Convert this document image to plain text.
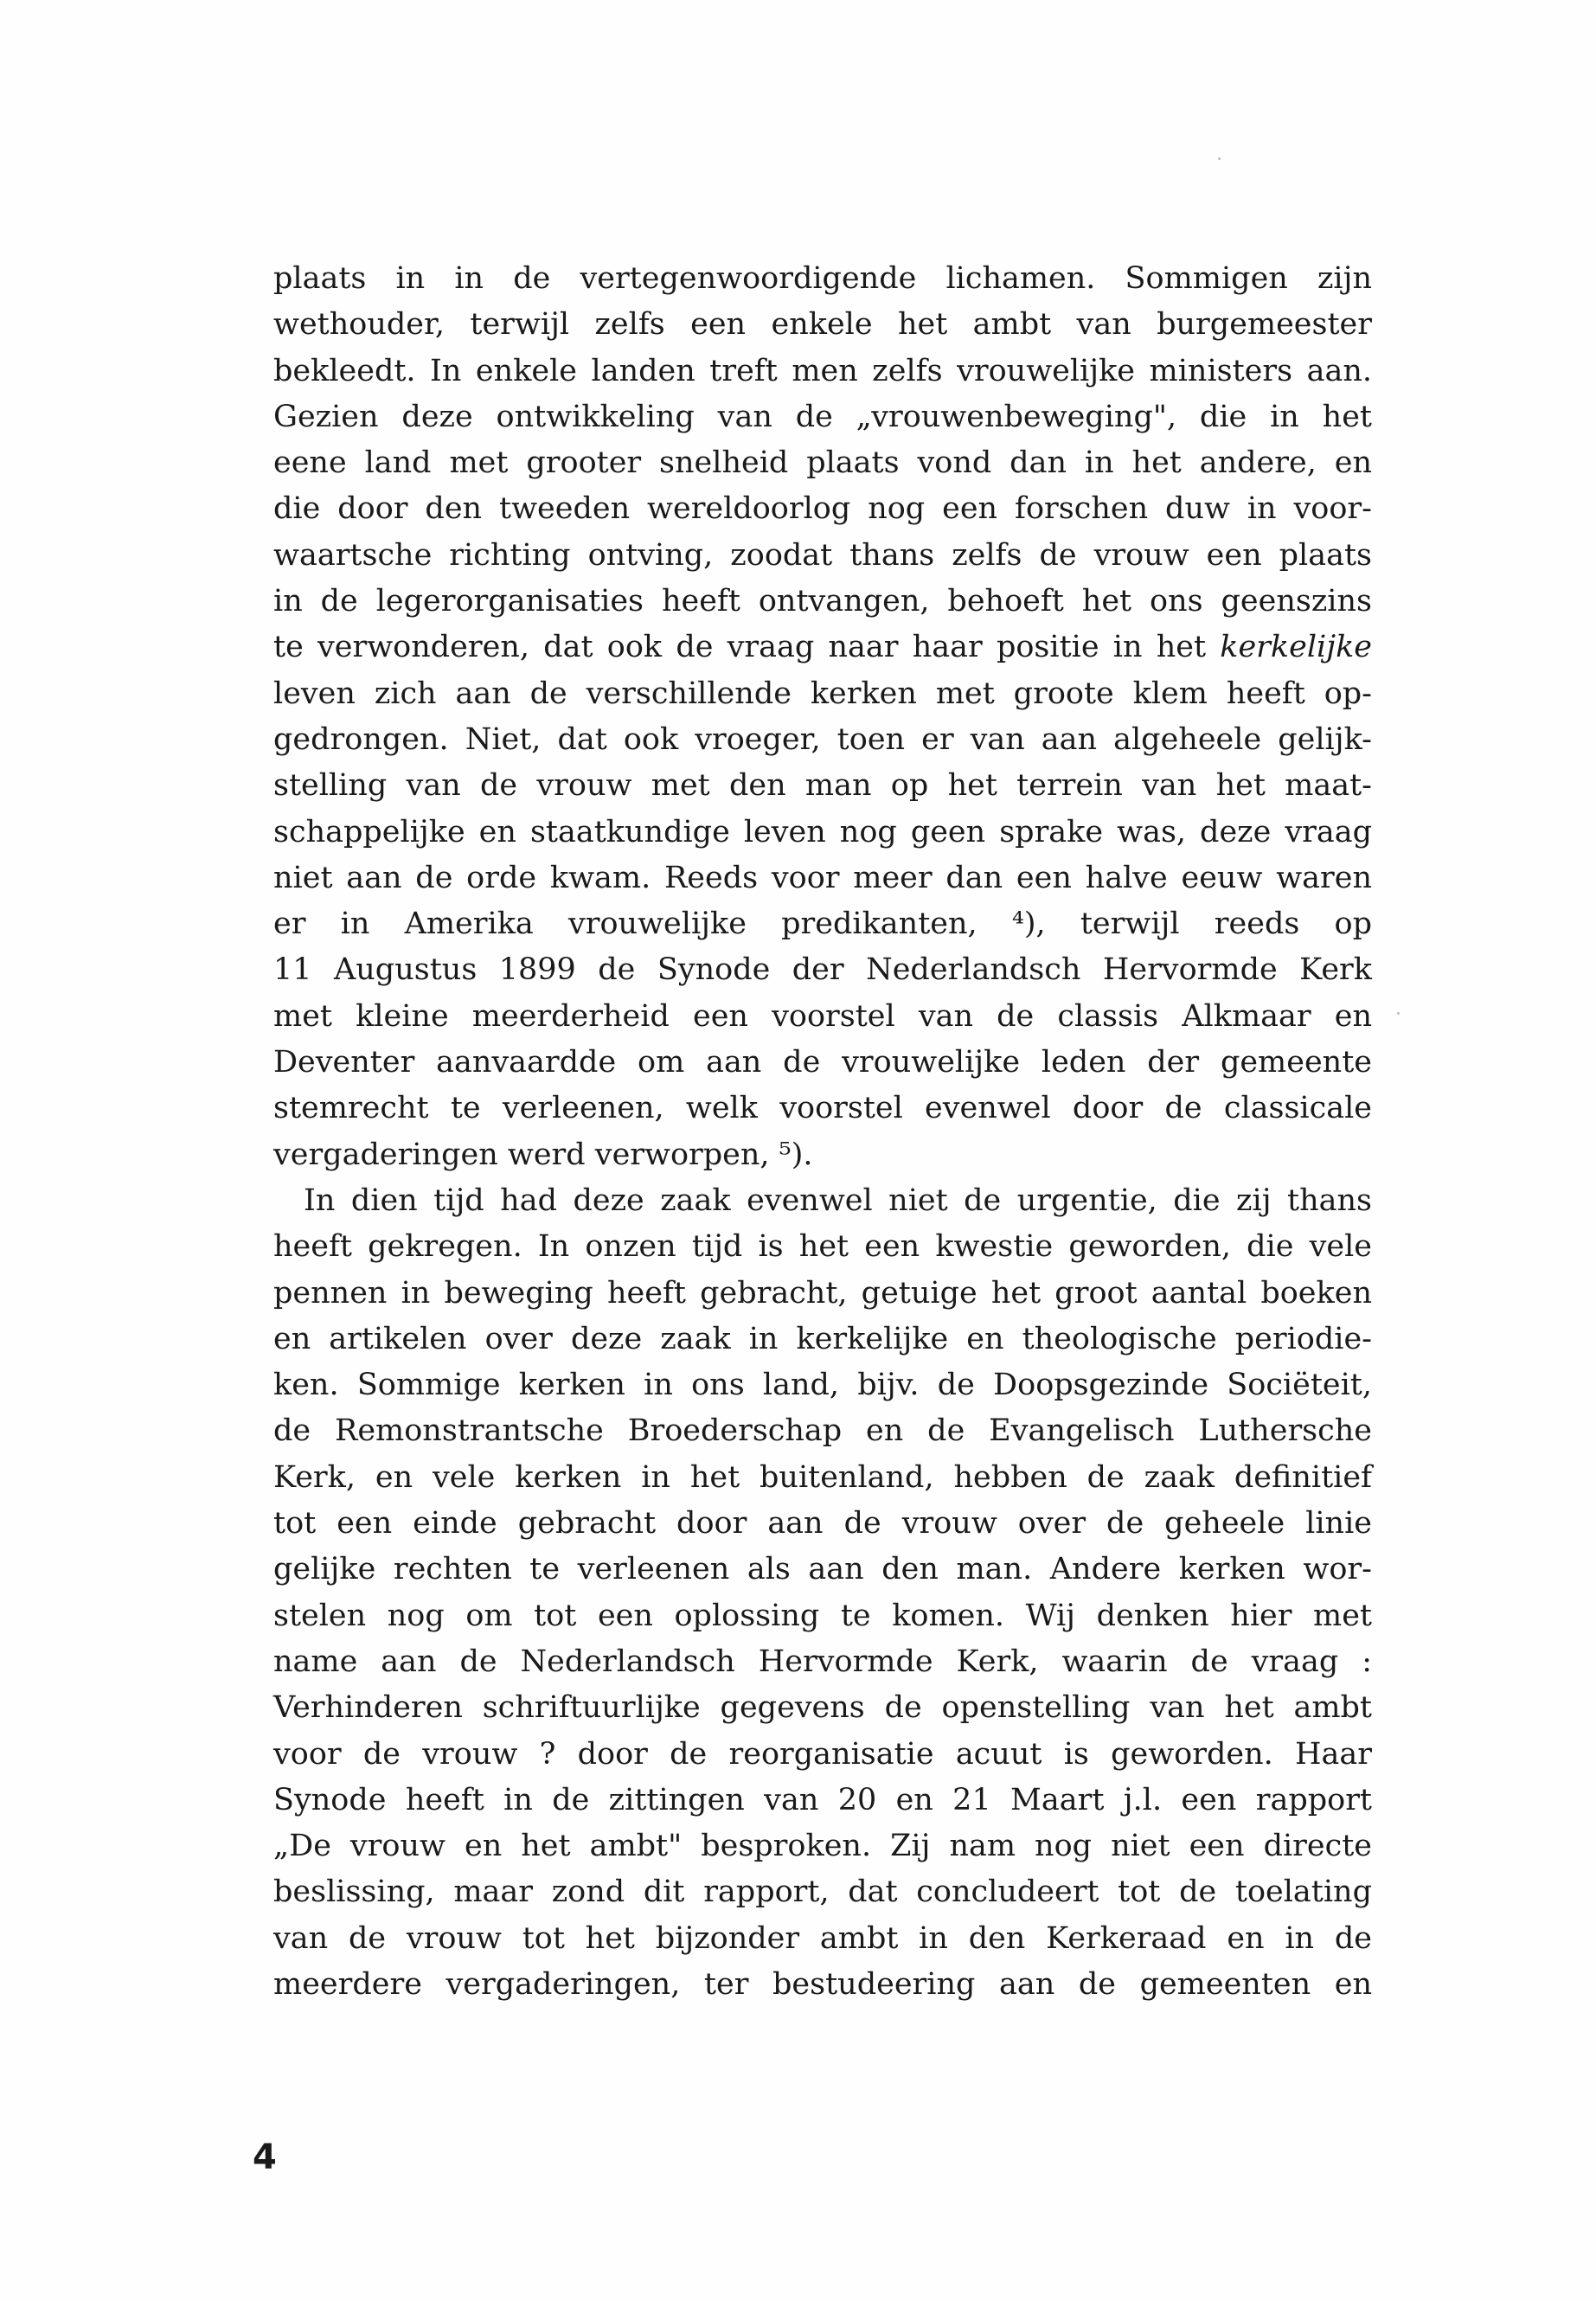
plaats in in de vertegenwoordigende lichamen. Sommigen zijn
wethouder, terwijl zelfs een enkele het ambt van burgemeester
bekleedt. In enkele landen treft men zelfs vrouwelijke ministers aan.
Gezien deze ontwikkeling van de „vrouwenbeweging", die in het
eene land met grooter snelheid plaats vond dan in het andere, en
die door den tweeden wereldoorlog nog een forschen duw in voor-
waartsche richting ontving, zoodat thans zelfs de vrouw een plaats
in de legerorganisaties heeft ontvangen, behoeft het ons geenszins
te verwonderen, dat ook de vraag naar haar positie in het kerkelijke
leven zich aan de verschillende kerken met groote klem heeft op-
gedrongen. Niet, dat ook vroeger, toen er van aan algeheele gelijk-
stelling van de vrouw met den man op het terrein van het maat-
schappelijke en staatkundige leven nog geen sprake was, deze vraag
niet aan de orde kwam. Reeds voor meer dan een halve eeuw waren
er in Amerika vrouwelijke predikanten, ⁴), terwijl reeds op
11 Augustus 1899 de Synode der Nederlandsch Hervormde Kerk
met kleine meerderheid een voorstel van de classis Alkmaar en
Deventer aanvaardde om aan de vrouwelijke leden der gemeente
stemrecht te verleenen, welk voorstel evenwel door de classicale
vergaderingen werd verworpen, ⁵).
In dien tijd had deze zaak evenwel niet de urgentie, die zij thans
heeft gekregen. In onzen tijd is het een kwestie geworden, die vele
pennen in beweging heeft gebracht, getuige het groot aantal boeken
en artikelen over deze zaak in kerkelijke en theologische periodie-
ken. Sommige kerken in ons land, bijv. de Doopsgezinde Sociëteit,
de Remonstrantsche Broederschap en de Evangelisch Luthersche
Kerk, en vele kerken in het buitenland, hebben de zaak definitief
tot een einde gebracht door aan de vrouw over de geheele linie
gelijke rechten te verleenen als aan den man. Andere kerken wor-
stelen nog om tot een oplossing te komen. Wij denken hier met
name aan de Nederlandsch Hervormde Kerk, waarin de vraag :
Verhinderen schriftuurlijke gegevens de openstelling van het ambt
voor de vrouw ? door de reorganisatie acuut is geworden. Haar
Synode heeft in de zittingen van 20 en 21 Maart j.l. een rapport
„De vrouw en het ambt" besproken. Zij nam nog niet een directe
beslissing, maar zond dit rapport, dat concludeert tot de toelating
van de vrouw tot het bijzonder ambt in den Kerkeraad en in de
meerdere vergaderingen, ter bestudeering aan de gemeenten en
4
